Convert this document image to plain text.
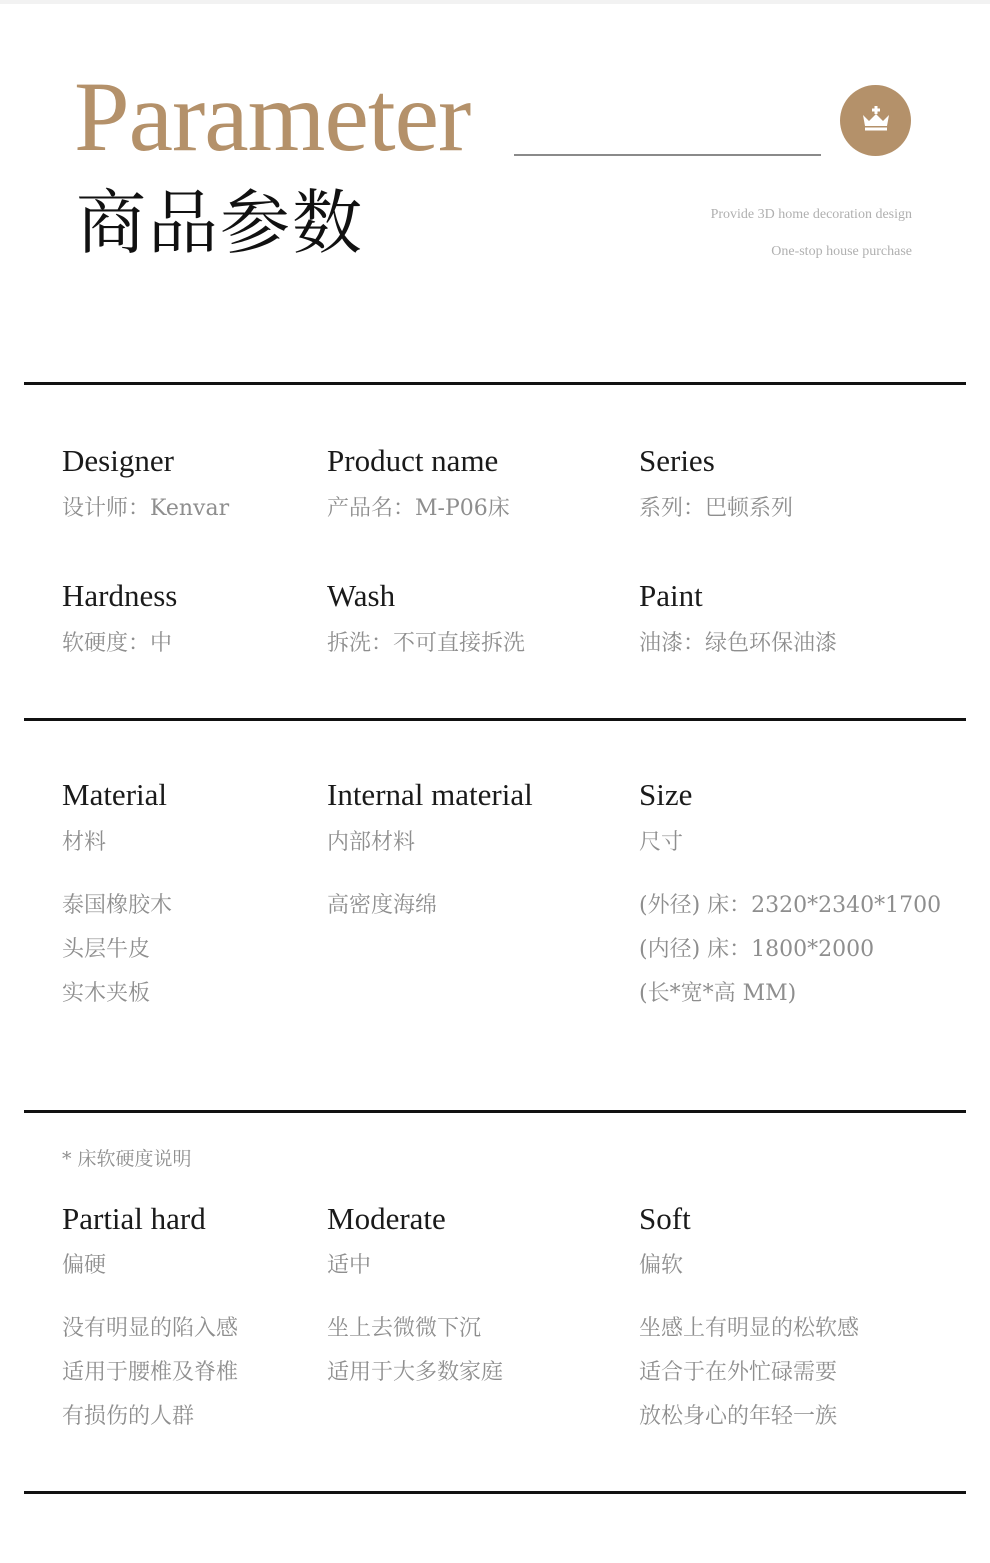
Parameter
商品参数	Provide 3D home decoration design
One-stop house purchase
Designer
设计师：Kenvar
Product name
产品名：M-P06床
Series
系列：巴顿系列
Hardness
软硬度：中
Wash
拆洗：不可直接拆洗
Paint
油漆：绿色环保油漆
Material
材料
泰国橡胶木
头层牛皮
实木夹板
Internal material
内部材料
高密度海绵
Size
尺寸
(外径) 床：2320*2340*1700
(内径) 床：1800*2000
(长*宽*高 MM)
* 床软硬度说明
Partial hard
偏硬
没有明显的陷入感
适用于腰椎及脊椎
有损伤的人群
Moderate
适中
坐上去微微下沉
适用于大多数家庭
Soft
偏软
坐感上有明显的松软感
适合于在外忙碌需要
放松身心的年轻一族
